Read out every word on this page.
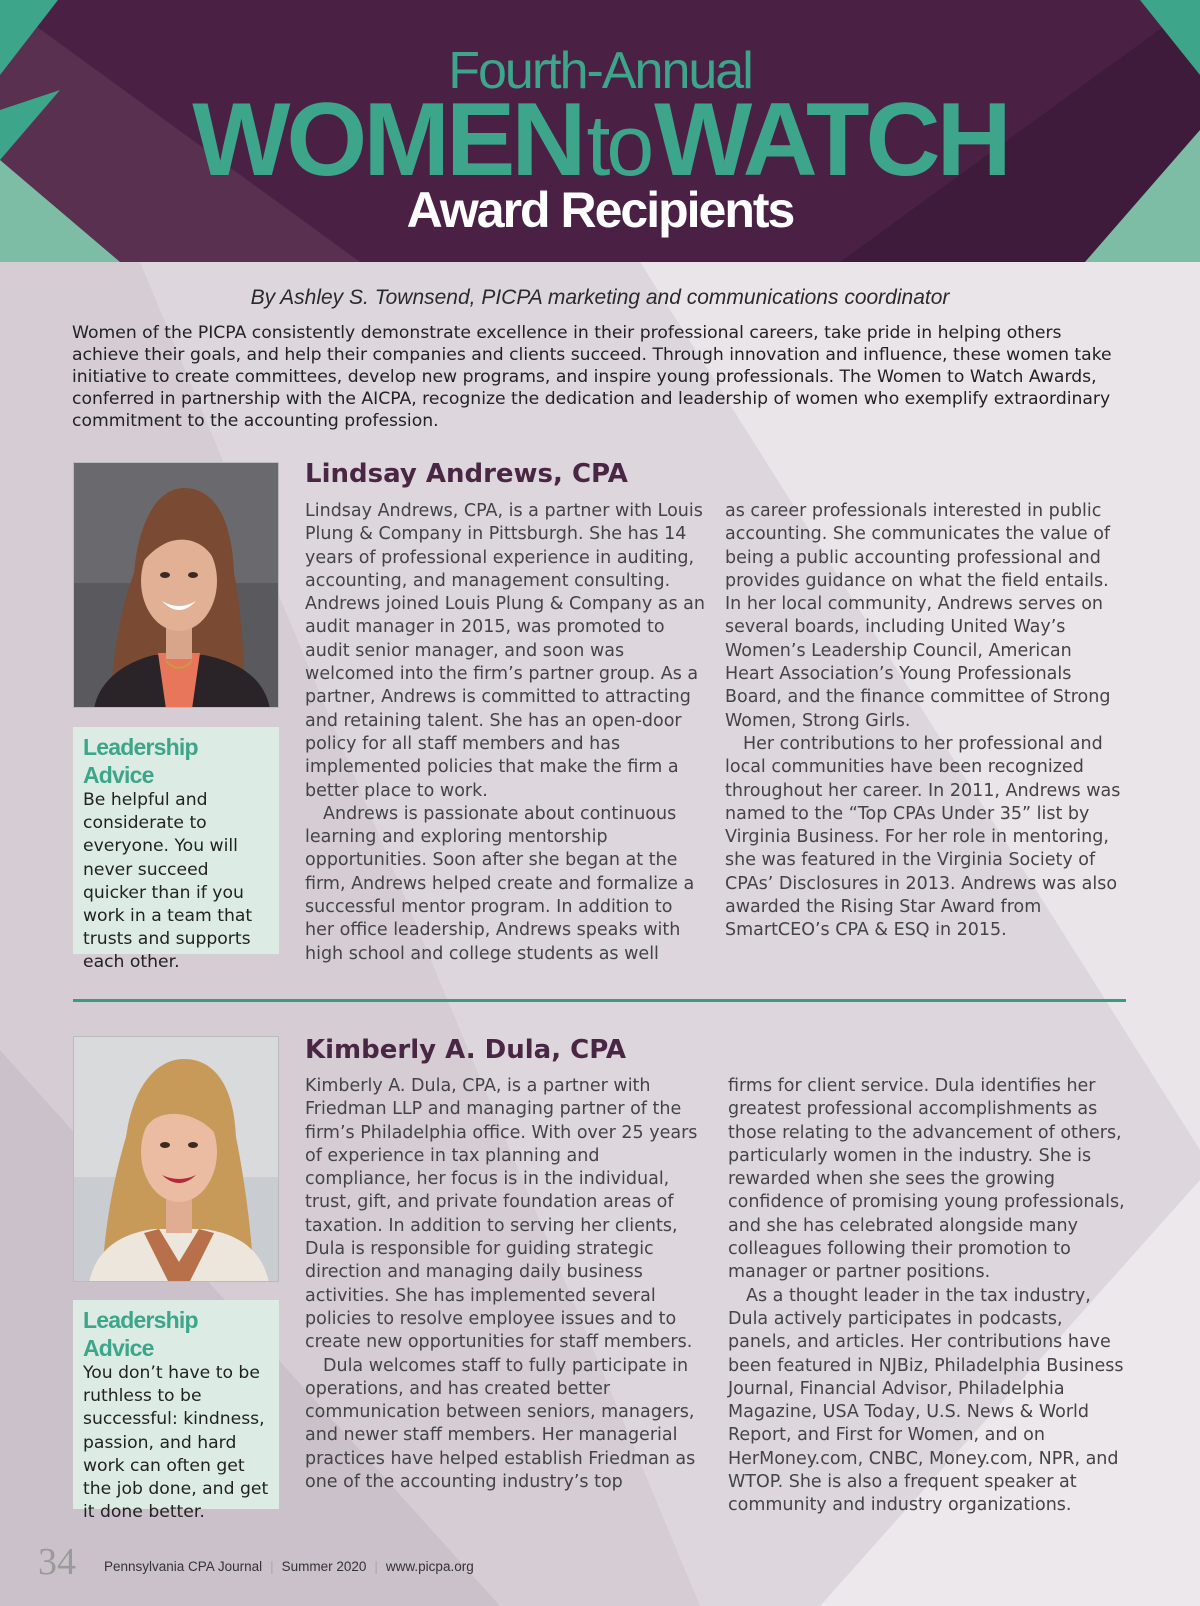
Fourth-Annual
WOMENtoWATCH
Award Recipients
By Ashley S. Townsend, PICPA marketing and communications coordinator

Women of the PICPA consistently demonstrate excellence in their professional careers, take pride in helping others achieve their goals, and help their companies and clients succeed. Through innovation and influence, these women take initiative to create committees, develop new programs, and inspire young professionals. The Women to Watch Awards, conferred in partnership with the AICPA, recognize the dedication and leadership of women who exemplify extraordinary commitment to the accounting profession.

Leadership Advice

Be helpful and considerate to everyone. You will never succeed quicker than if you work in a team that trusts and supports each other.

Lindsay Andrews, CPA

Lindsay Andrews, CPA, is a partner with Louis Plung & Company in Pittsburgh. She has 14 years of professional experience in auditing, accounting, and management consulting. Andrews joined Louis Plung & Company as an audit manager in 2015, was promoted to audit senior manager, and soon was welcomed into the firm’s partner group. As a partner, Andrews is committed to attracting and retaining talent. She has an open-door policy for all staff members and has implemented policies that make the firm a better place to work.

Andrews is passionate about continuous learning and exploring mentorship opportunities. Soon after she began at the firm, Andrews helped create and formalize a successful mentor program. In addition to her office leadership, Andrews speaks with high school and college students as well

as career professionals interested in public accounting. She communicates the value of being a public accounting professional and provides guidance on what the field entails. In her local community, Andrews serves on several boards, including United Way’s Women’s Leadership Council, American Heart Association’s Young Professionals Board, and the finance committee of Strong Women, Strong Girls.

Her contributions to her professional and local communities have been recognized throughout her career. In 2011, Andrews was named to the “Top CPAs Under 35” list by Virginia Business. For her role in mentoring, she was featured in the Virginia Society of CPAs’ Disclosures in 2013. Andrews was also awarded the Rising Star Award from SmartCEO’s CPA & ESQ in 2015.

Leadership Advice

You don’t have to be ruthless to be successful: kindness, passion, and hard work can often get the job done, and get it done better.

Kimberly A. Dula, CPA

Kimberly A. Dula, CPA, is a partner with Friedman LLP and managing partner of the firm’s Philadelphia office. With over 25 years of experience in tax planning and compliance, her focus is in the individual, trust, gift, and private foundation areas of taxation. In addition to serving her clients, Dula is responsible for guiding strategic direction and managing daily business activities. She has implemented several policies to resolve employee issues and to create new opportunities for staff members.

Dula welcomes staff to fully participate in operations, and has created better communication between seniors, managers, and newer staff members. Her managerial practices have helped establish Friedman as one of the accounting industry’s top

firms for client service. Dula identifies her greatest professional accomplishments as those relating to the advancement of others, particularly women in the industry. She is rewarded when she sees the growing confidence of promising young professionals, and she has celebrated alongside many colleagues following their promotion to manager or partner positions.

As a thought leader in the tax industry, Dula actively participates in podcasts, panels, and articles. Her contributions have been featured in NJBiz, Philadelphia Business Journal, Financial Advisor, Philadelphia Magazine, USA Today, U.S. News & World Report, and First for Women, and on HerMoney.com, CNBC, Money.com, NPR, and WTOP. She is also a frequent speaker at community and industry organizations.

34 Pennsylvania CPA Journal | Summer 2020 | www.picpa.org
